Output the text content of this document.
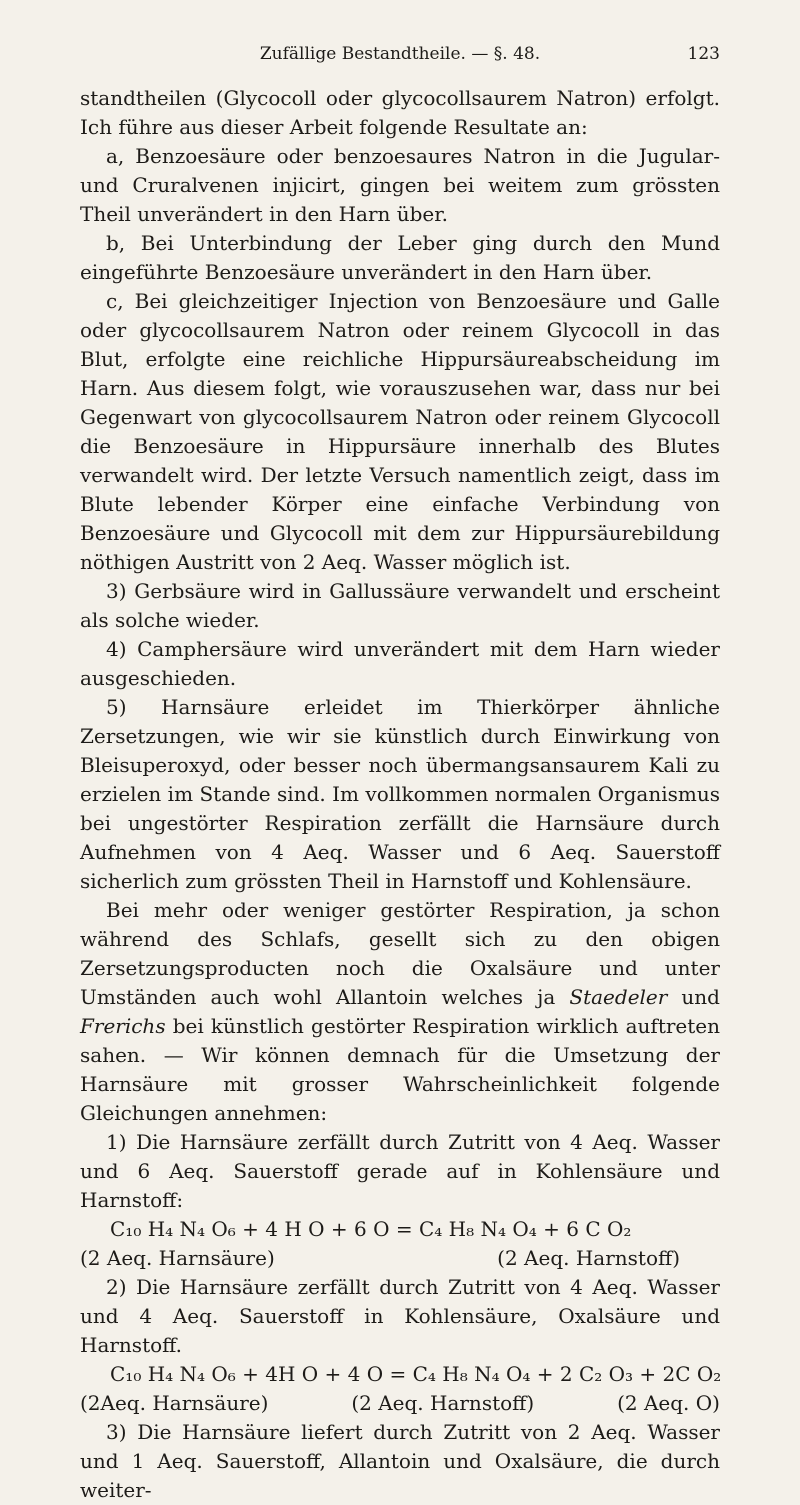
Zufällige Bestandtheile. — §. 48.	123

standtheilen (Glycocoll oder glycocollsaurem Natron) erfolgt. Ich führe aus dieser Arbeit folgende Resultate an:

a, Benzoesäure oder benzoesaures Natron in die Jugular- und Cruralvenen injicirt, gingen bei weitem zum grössten Theil unverändert in den Harn über.

b, Bei Unterbindung der Leber ging durch den Mund eingeführte Benzoesäure unverändert in den Harn über.

c, Bei gleichzeitiger Injection von Benzoesäure und Galle oder glycocollsaurem Natron oder reinem Glycocoll in das Blut, erfolgte eine reichliche Hippursäureabscheidung im Harn. Aus diesem folgt, wie vorauszusehen war, dass nur bei Gegenwart von glycocollsaurem Natron oder reinem Glycocoll die Benzoesäure in Hippursäure innerhalb des Blutes verwandelt wird. Der letzte Versuch namentlich zeigt, dass im Blute lebender Körper eine einfache Verbindung von Benzoesäure und Glycocoll mit dem zur Hippursäurebildung nöthigen Austritt von 2 Aeq. Wasser möglich ist.

3) Gerbsäure wird in Gallussäure verwandelt und erscheint als solche wieder.

4) Camphersäure wird unverändert mit dem Harn wieder ausgeschieden.

5) Harnsäure erleidet im Thierkörper ähnliche Zersetzungen, wie wir sie künstlich durch Einwirkung von Bleisuperoxyd, oder besser noch übermangsansaurem Kali zu erzielen im Stande sind. Im vollkommen normalen Organismus bei ungestörter Respiration zerfällt die Harnsäure durch Aufnehmen von 4 Aeq. Wasser und 6 Aeq. Sauerstoff sicherlich zum grössten Theil in Harnstoff und Kohlensäure.

Bei mehr oder weniger gestörter Respiration, ja schon während des Schlafs, gesellt sich zu den obigen Zersetzungsproducten noch die Oxalsäure und unter Umständen auch wohl Allantoin welches ja Staedeler und Frerichs bei künstlich gestörter Respiration wirklich auftreten sahen. — Wir können demnach für die Umsetzung der Harnsäure mit grosser Wahrscheinlichkeit folgende Gleichungen annehmen:

1) Die Harnsäure zerfällt durch Zutritt von 4 Aeq. Wasser und 6 Aeq. Sauerstoff gerade auf in Kohlensäure und Harnstoff:

C₁₀ H₄ N₄ O₆ + 4 H O + 6 O = C₄ H₈ N₄ O₄ + 6 C O₂
(2 Aeq. Harnsäure)	(2 Aeq. Harnstoff)

2) Die Harnsäure zerfällt durch Zutritt von 4 Aeq. Wasser und 4 Aeq. Sauerstoff in Kohlensäure, Oxalsäure und Harnstoff.

C₁₀ H₄ N₄ O₆ + 4H O + 4 O = C₄ H₈ N₄ O₄ + 2 C₂ O₃ + 2C O₂
(2Aeq. Harnsäure)	(2 Aeq. Harnstoff)	(2 Aeq. O)

3) Die Harnsäure liefert durch Zutritt von 2 Aeq. Wasser und 1 Aeq. Sauerstoff, Allantoin und Oxalsäure, die durch weiter-
